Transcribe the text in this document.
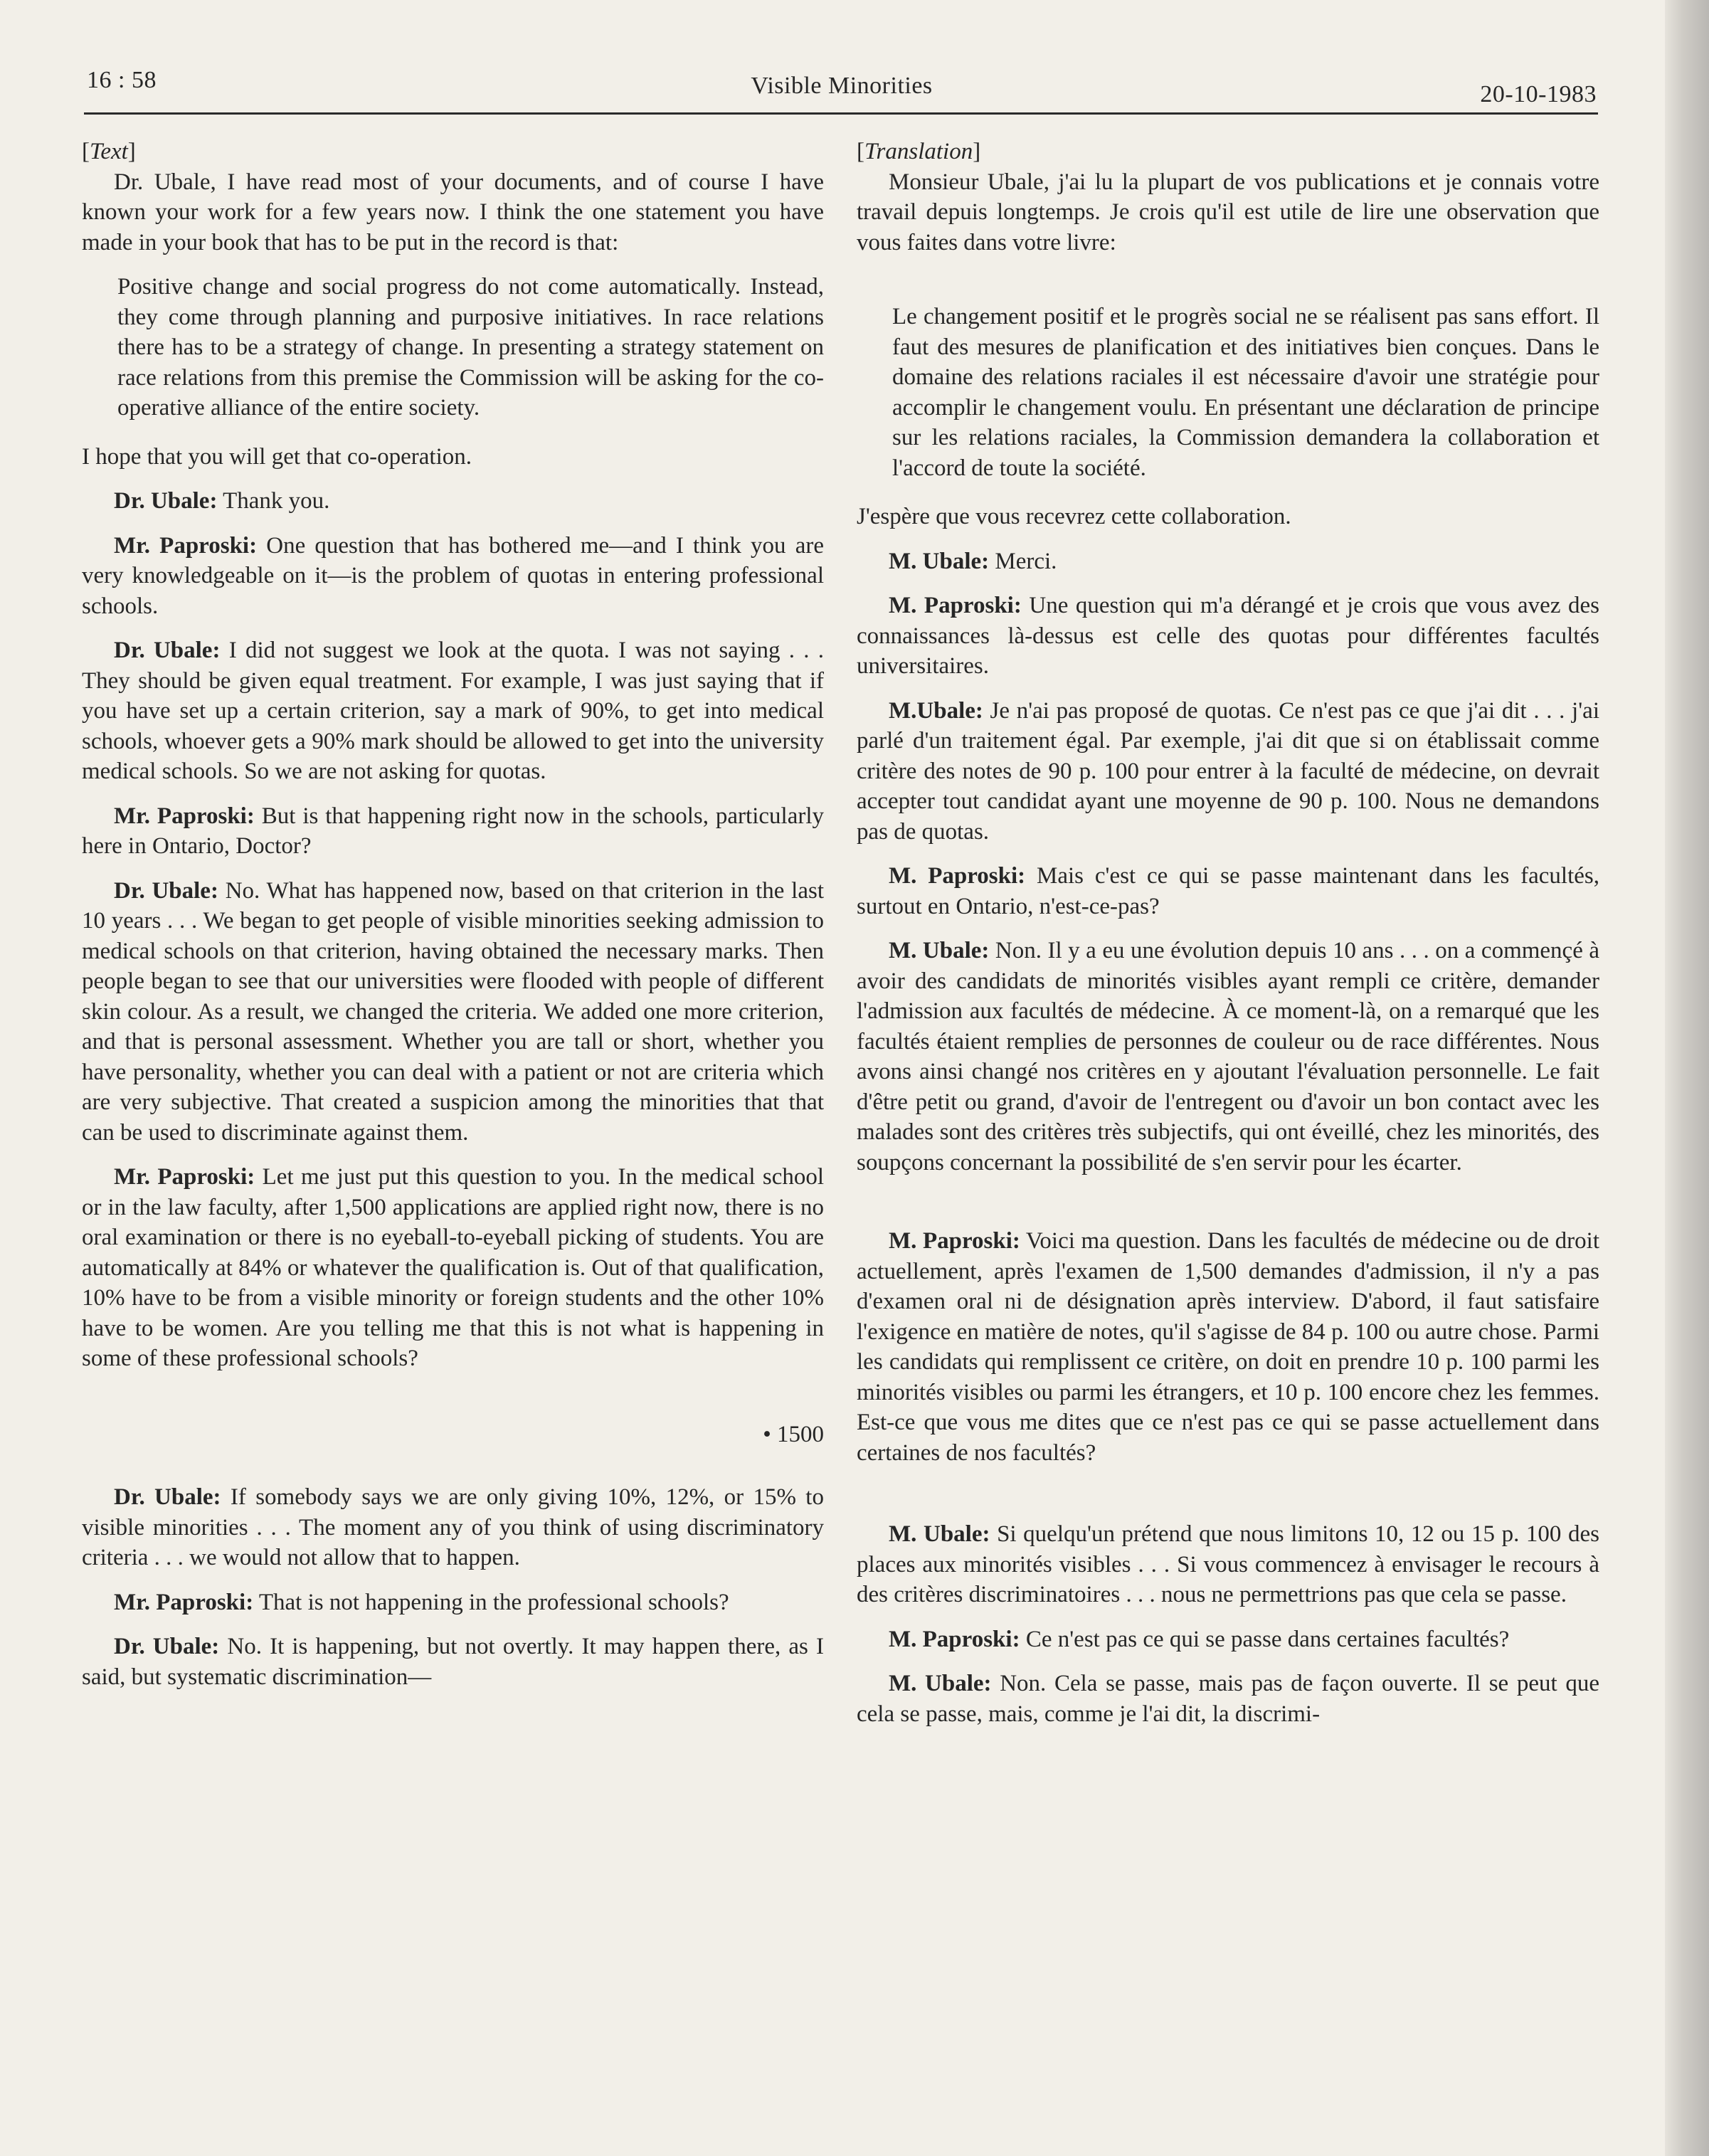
16 : 58	Visible Minorities	20-10-1983

[Text]

Dr. Ubale, I have read most of your documents, and of course I have known your work for a few years now. I think the one statement you have made in your book that has to be put in the record is that:

Positive change and social progress do not come automatically. Instead, they come through planning and purposive initiatives. In race relations there has to be a strategy of change. In presenting a strategy statement on race relations from this premise the Commission will be asking for the co-operative alliance of the entire society.

I hope that you will get that co-operation.

Dr. Ubale: Thank you.

Mr. Paproski: One question that has bothered me—and I think you are very knowledgeable on it—is the problem of quotas in entering professional schools.

Dr. Ubale: I did not suggest we look at the quota. I was not saying . . . They should be given equal treatment. For example, I was just saying that if you have set up a certain criterion, say a mark of 90%, to get into medical schools, whoever gets a 90% mark should be allowed to get into the university medical schools. So we are not asking for quotas.

Mr. Paproski: But is that happening right now in the schools, particularly here in Ontario, Doctor?

Dr. Ubale: No. What has happened now, based on that criterion in the last 10 years . . . We began to get people of visible minorities seeking admission to medical schools on that criterion, having obtained the necessary marks. Then people began to see that our universities were flooded with people of different skin colour. As a result, we changed the criteria. We added one more criterion, and that is personal assessment. Whether you are tall or short, whether you have personality, whether you can deal with a patient or not are criteria which are very subjective. That created a suspicion among the minorities that that can be used to discriminate against them.

Mr. Paproski: Let me just put this question to you. In the medical school or in the law faculty, after 1,500 applications are applied right now, there is no oral examination or there is no eyeball-to-eyeball picking of students. You are automatically at 84% or whatever the qualification is. Out of that qualification, 10% have to be from a visible minority or foreign students and the other 10% have to be women. Are you telling me that this is not what is happening in some of these professional schools?

• 1500

Dr. Ubale: If somebody says we are only giving 10%, 12%, or 15% to visible minorities . . . The moment any of you think of using discriminatory criteria . . . we would not allow that to happen.

Mr. Paproski: That is not happening in the professional schools?

Dr. Ubale: No. It is happening, but not overtly. It may happen there, as I said, but systematic discrimination—

[Translation]

Monsieur Ubale, j'ai lu la plupart de vos publications et je connais votre travail depuis longtemps. Je crois qu'il est utile de lire une observation que vous faites dans votre livre:

Le changement positif et le progrès social ne se réalisent pas sans effort. Il faut des mesures de planification et des initiatives bien conçues. Dans le domaine des relations raciales il est nécessaire d'avoir une stratégie pour accomplir le changement voulu. En présentant une déclaration de principe sur les relations raciales, la Commission demandera la collaboration et l'accord de toute la société.

J'espère que vous recevrez cette collaboration.

M. Ubale: Merci.

M. Paproski: Une question qui m'a dérangé et je crois que vous avez des connaissances là-dessus est celle des quotas pour différentes facultés universitaires.

M.Ubale: Je n'ai pas proposé de quotas. Ce n'est pas ce que j'ai dit . . . j'ai parlé d'un traitement égal. Par exemple, j'ai dit que si on établissait comme critère des notes de 90 p. 100 pour entrer à la faculté de médecine, on devrait accepter tout candidat ayant une moyenne de 90 p. 100. Nous ne demandons pas de quotas.

M. Paproski: Mais c'est ce qui se passe maintenant dans les facultés, surtout en Ontario, n'est-ce-pas?

M. Ubale: Non. Il y a eu une évolution depuis 10 ans . . . on a commençé à avoir des candidats de minorités visibles ayant rempli ce critère, demander l'admission aux facultés de médecine. À ce moment-là, on a remarqué que les facultés étaient remplies de personnes de couleur ou de race différentes. Nous avons ainsi changé nos critères en y ajoutant l'évaluation personnelle. Le fait d'être petit ou grand, d'avoir de l'entregent ou d'avoir un bon contact avec les malades sont des critères très subjectifs, qui ont éveillé, chez les minorités, des soupçons concernant la possibilité de s'en servir pour les écarter.

M. Paproski: Voici ma question. Dans les facultés de médecine ou de droit actuellement, après l'examen de 1,500 demandes d'admission, il n'y a pas d'examen oral ni de désignation après interview. D'abord, il faut satisfaire l'exigence en matière de notes, qu'il s'agisse de 84 p. 100 ou autre chose. Parmi les candidats qui remplissent ce critère, on doit en prendre 10 p. 100 parmi les minorités visibles ou parmi les étrangers, et 10 p. 100 encore chez les femmes. Est-ce que vous me dites que ce n'est pas ce qui se passe actuellement dans certaines de nos facultés?

M. Ubale: Si quelqu'un prétend que nous limitons 10, 12 ou 15 p. 100 des places aux minorités visibles . . . Si vous commencez à envisager le recours à des critères discriminatoires . . . nous ne permettrions pas que cela se passe.

M. Paproski: Ce n'est pas ce qui se passe dans certaines facultés?

M. Ubale: Non. Cela se passe, mais pas de façon ouverte. Il se peut que cela se passe, mais, comme je l'ai dit, la discrimi-
